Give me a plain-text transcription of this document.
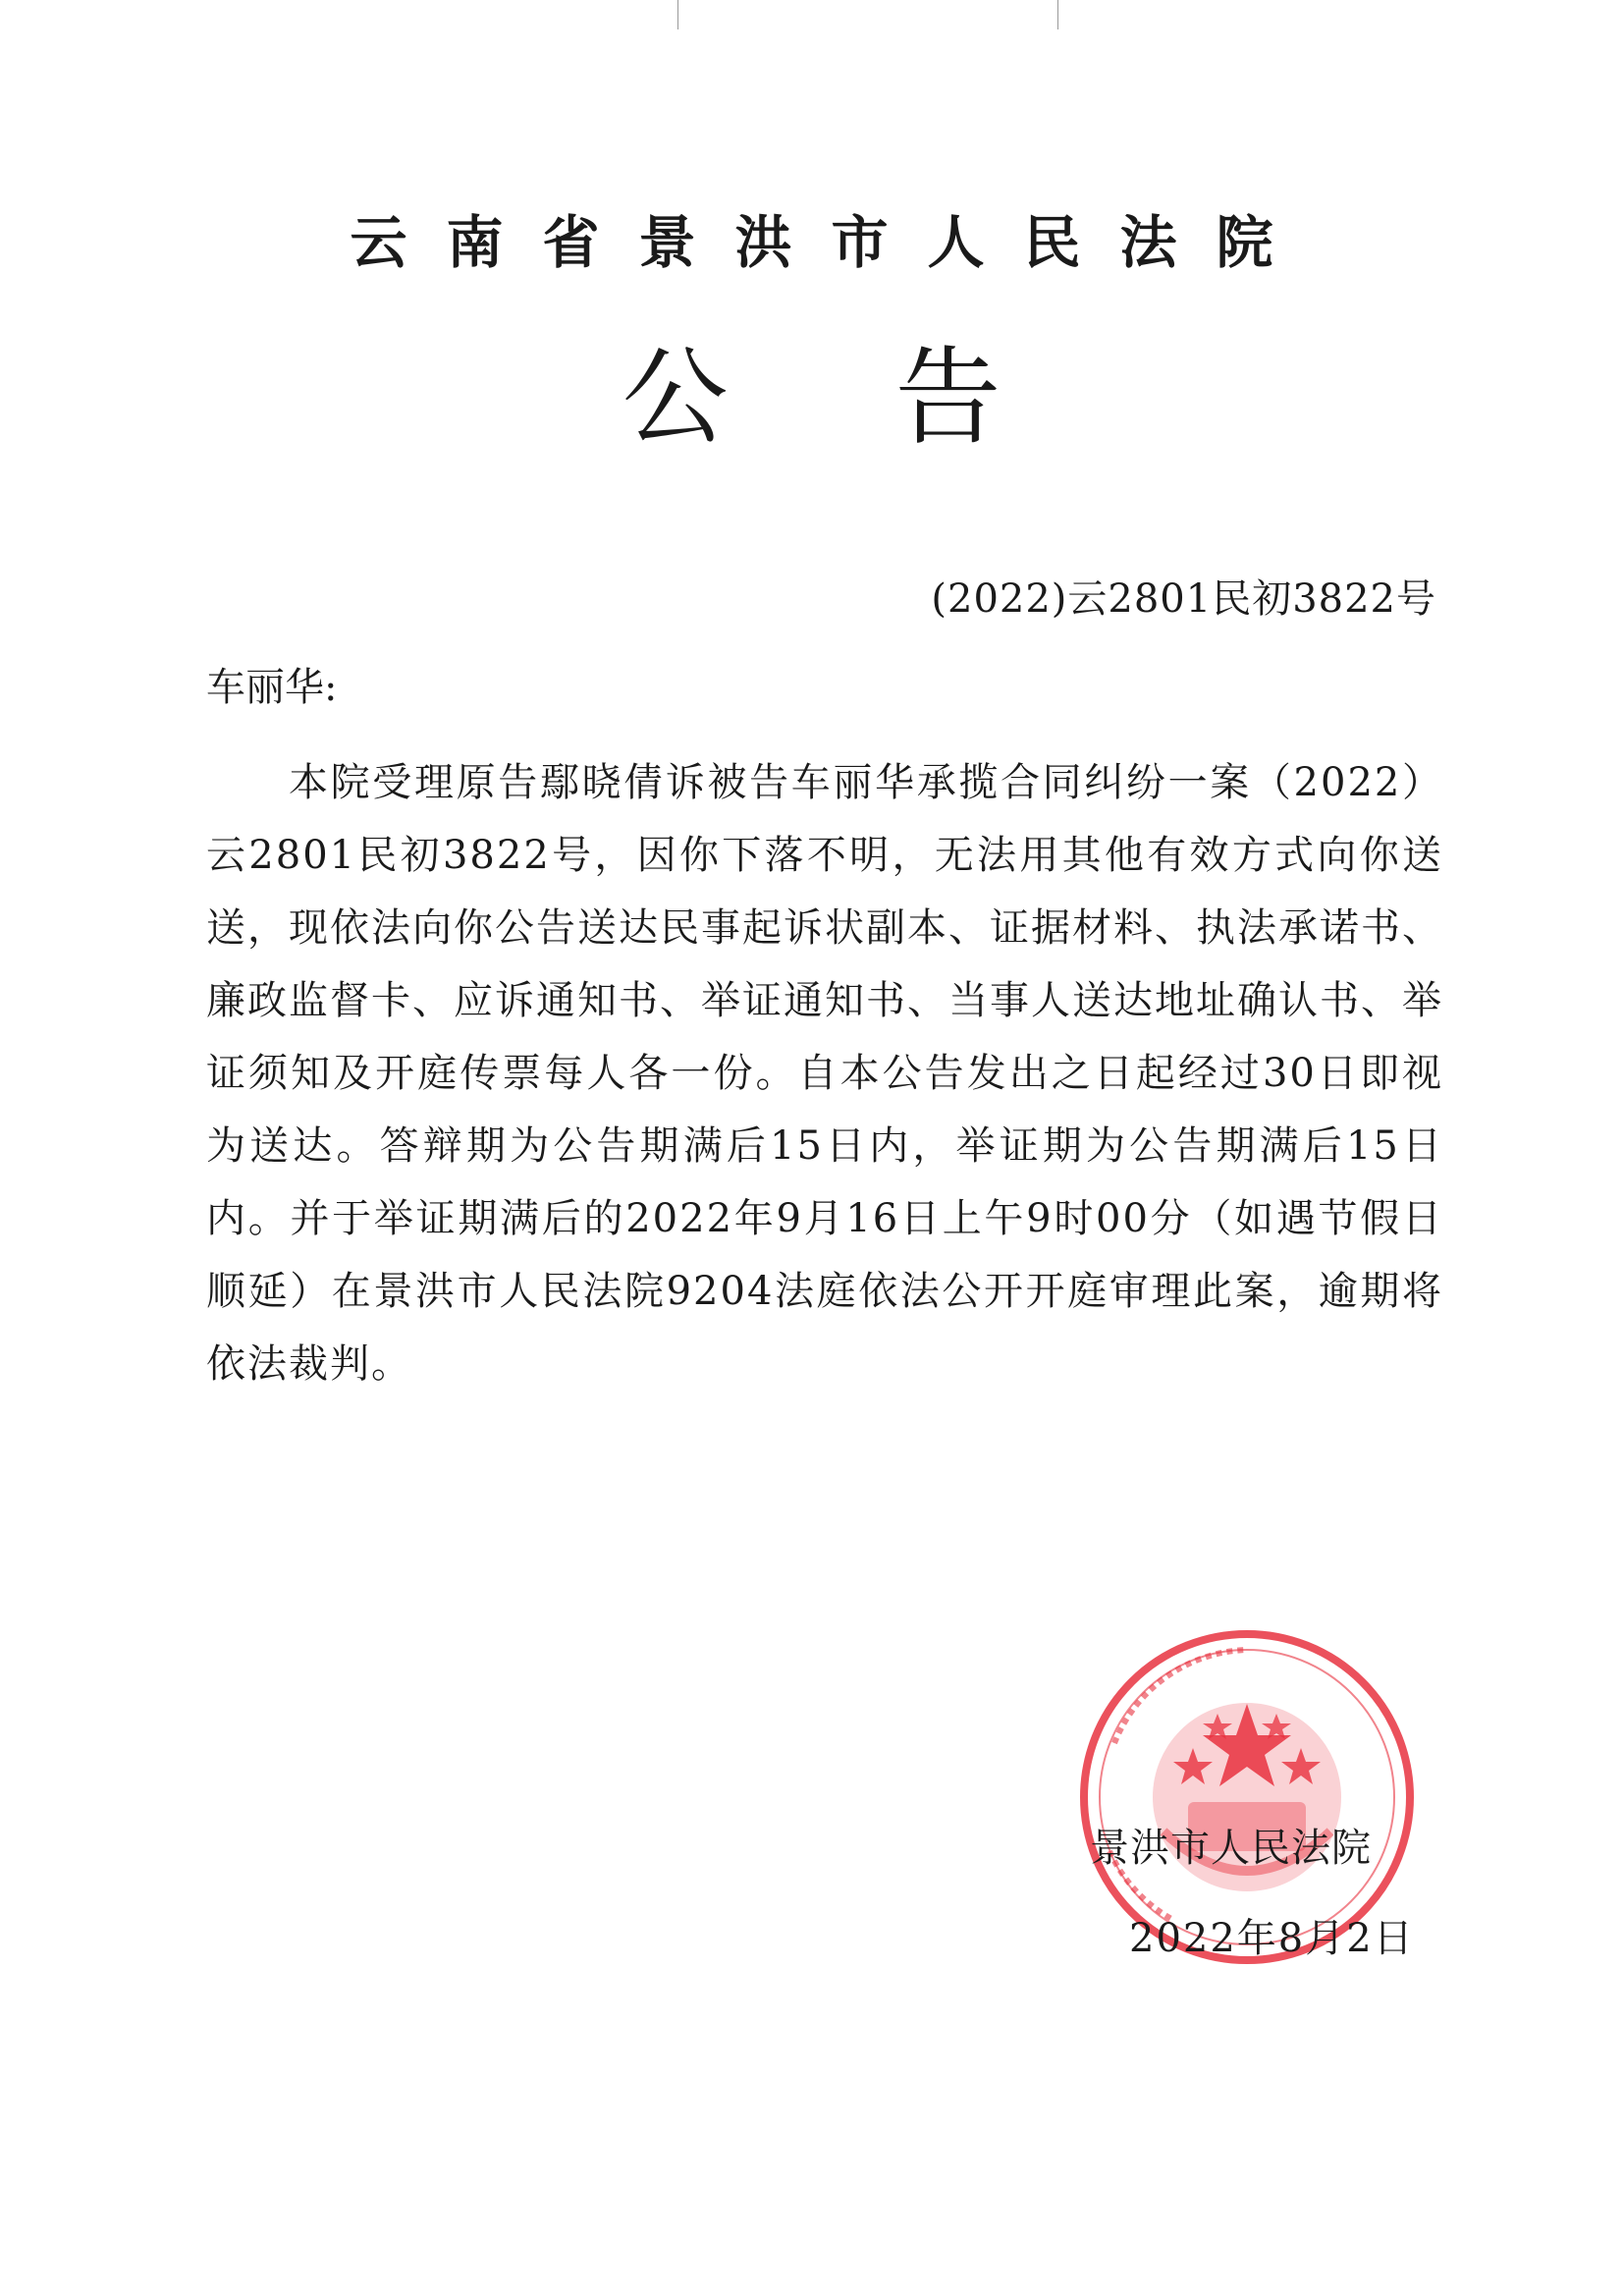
云南省景洪市人民法院
公告
(2022)云2801民初3822号
车丽华:

本院受理原告鄢晓倩诉被告车丽华承揽合同纠纷一案（2022）云2801民初3822号，因你下落不明，无法用其他有效方式向你送送，现依法向你公告送达民事起诉状副本、证据材料、执法承诺书、廉政监督卡、应诉通知书、举证通知书、当事人送达地址确认书、举证须知及开庭传票每人各一份。自本公告发出之日起经过30日即视为送达。答辩期为公告期满后15日内，举证期为公告期满后15日内。并于举证期满后的2022年9月16日上午9时00分（如遇节假日顺延）在景洪市人民法院9204法庭依法公开开庭审理此案，逾期将依法裁判。

景洪市人民法院
2022年8月2日
